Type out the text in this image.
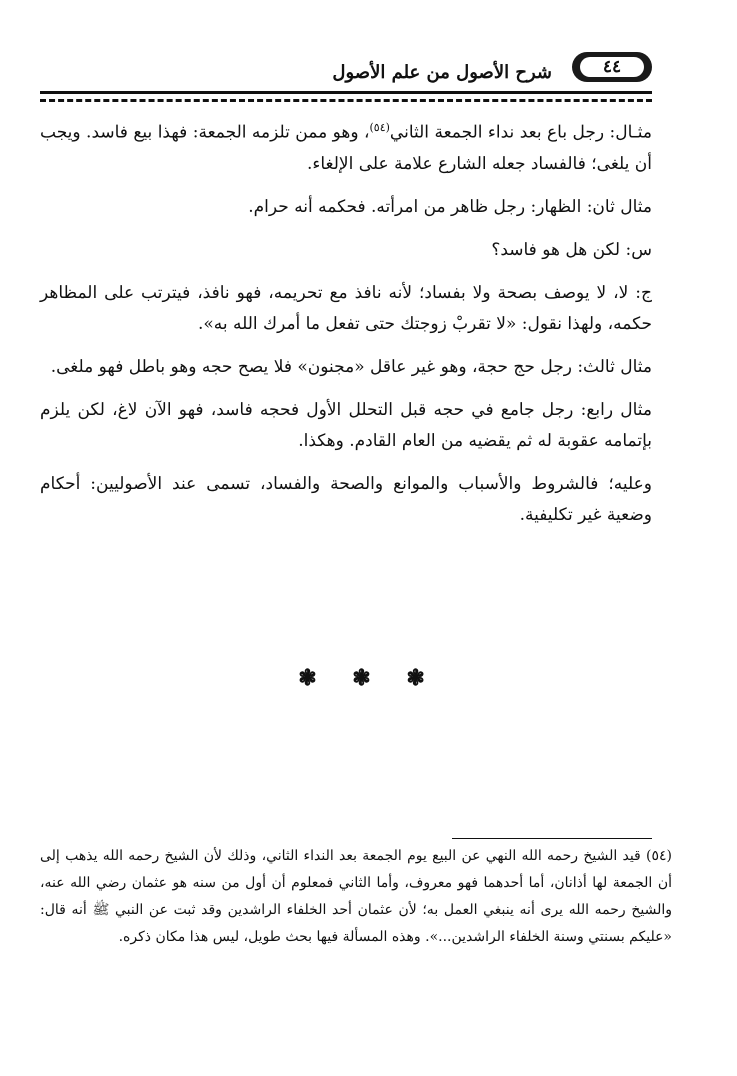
٤٤
شرح الأصول من علم الأصول

مثـال: رجل باع بعد نداء الجمعة الثاني$^{(٥٤)}$، وهو ممن تلزمه الجمعة: فهذا بيع فاسد. ويجب أن يلغى؛ فالفساد جعله الشارع علامة على الإلغاء.

مثال ثان: الظهار: رجل ظاهر من امرأته. فحكمه أنه حرام.

س: لكن هل هو فاسد؟

ج: لا، لا يوصف بصحة ولا بفساد؛ لأنه نافذ مع تحريمه، فهو نافذ، فيترتب على المظاهر حكمه، ولهذا نقول: «لا تقربْ زوجتك حتى تفعل ما أمرك الله به».

مثال ثالث: رجل حج حجة، وهو غير عاقل «مجنون» فلا يصح حجه وهو باطل فهو ملغى.

مثال رابع: رجل جامع في حجه قبل التحلل الأول فحجه فاسد، فهو الآن لاغ، لكن يلزم بإتمامه عقوبة له ثم يقضيه من العام القادم. وهكذا.

وعليه؛ فالشروط والأسباب والموانع والصحة والفساد، تسمى عند الأصوليين: أحكام وضعية غير تكليفية.

❃ ❃ ❃
(٥٤) قيد الشيخ رحمه الله النهي عن البيع يوم الجمعة بعد النداء الثاني، وذلك لأن الشيخ رحمه الله يذهب إلى أن الجمعة لها أذانان، أما أحدهما فهو معروف، وأما الثاني فمعلوم أن أول من سنه هو عثمان رضي الله عنه، والشيخ رحمه الله يرى أنه ينبغي العمل به؛ لأن عثمان أحد الخلفاء الراشدين وقد ثبت عن النبي ﷺ أنه قال: «عليكم بسنتي وسنة الخلفاء الراشدين...». وهذه المسألة فيها بحث طويل، ليس هذا مكان ذكره.
